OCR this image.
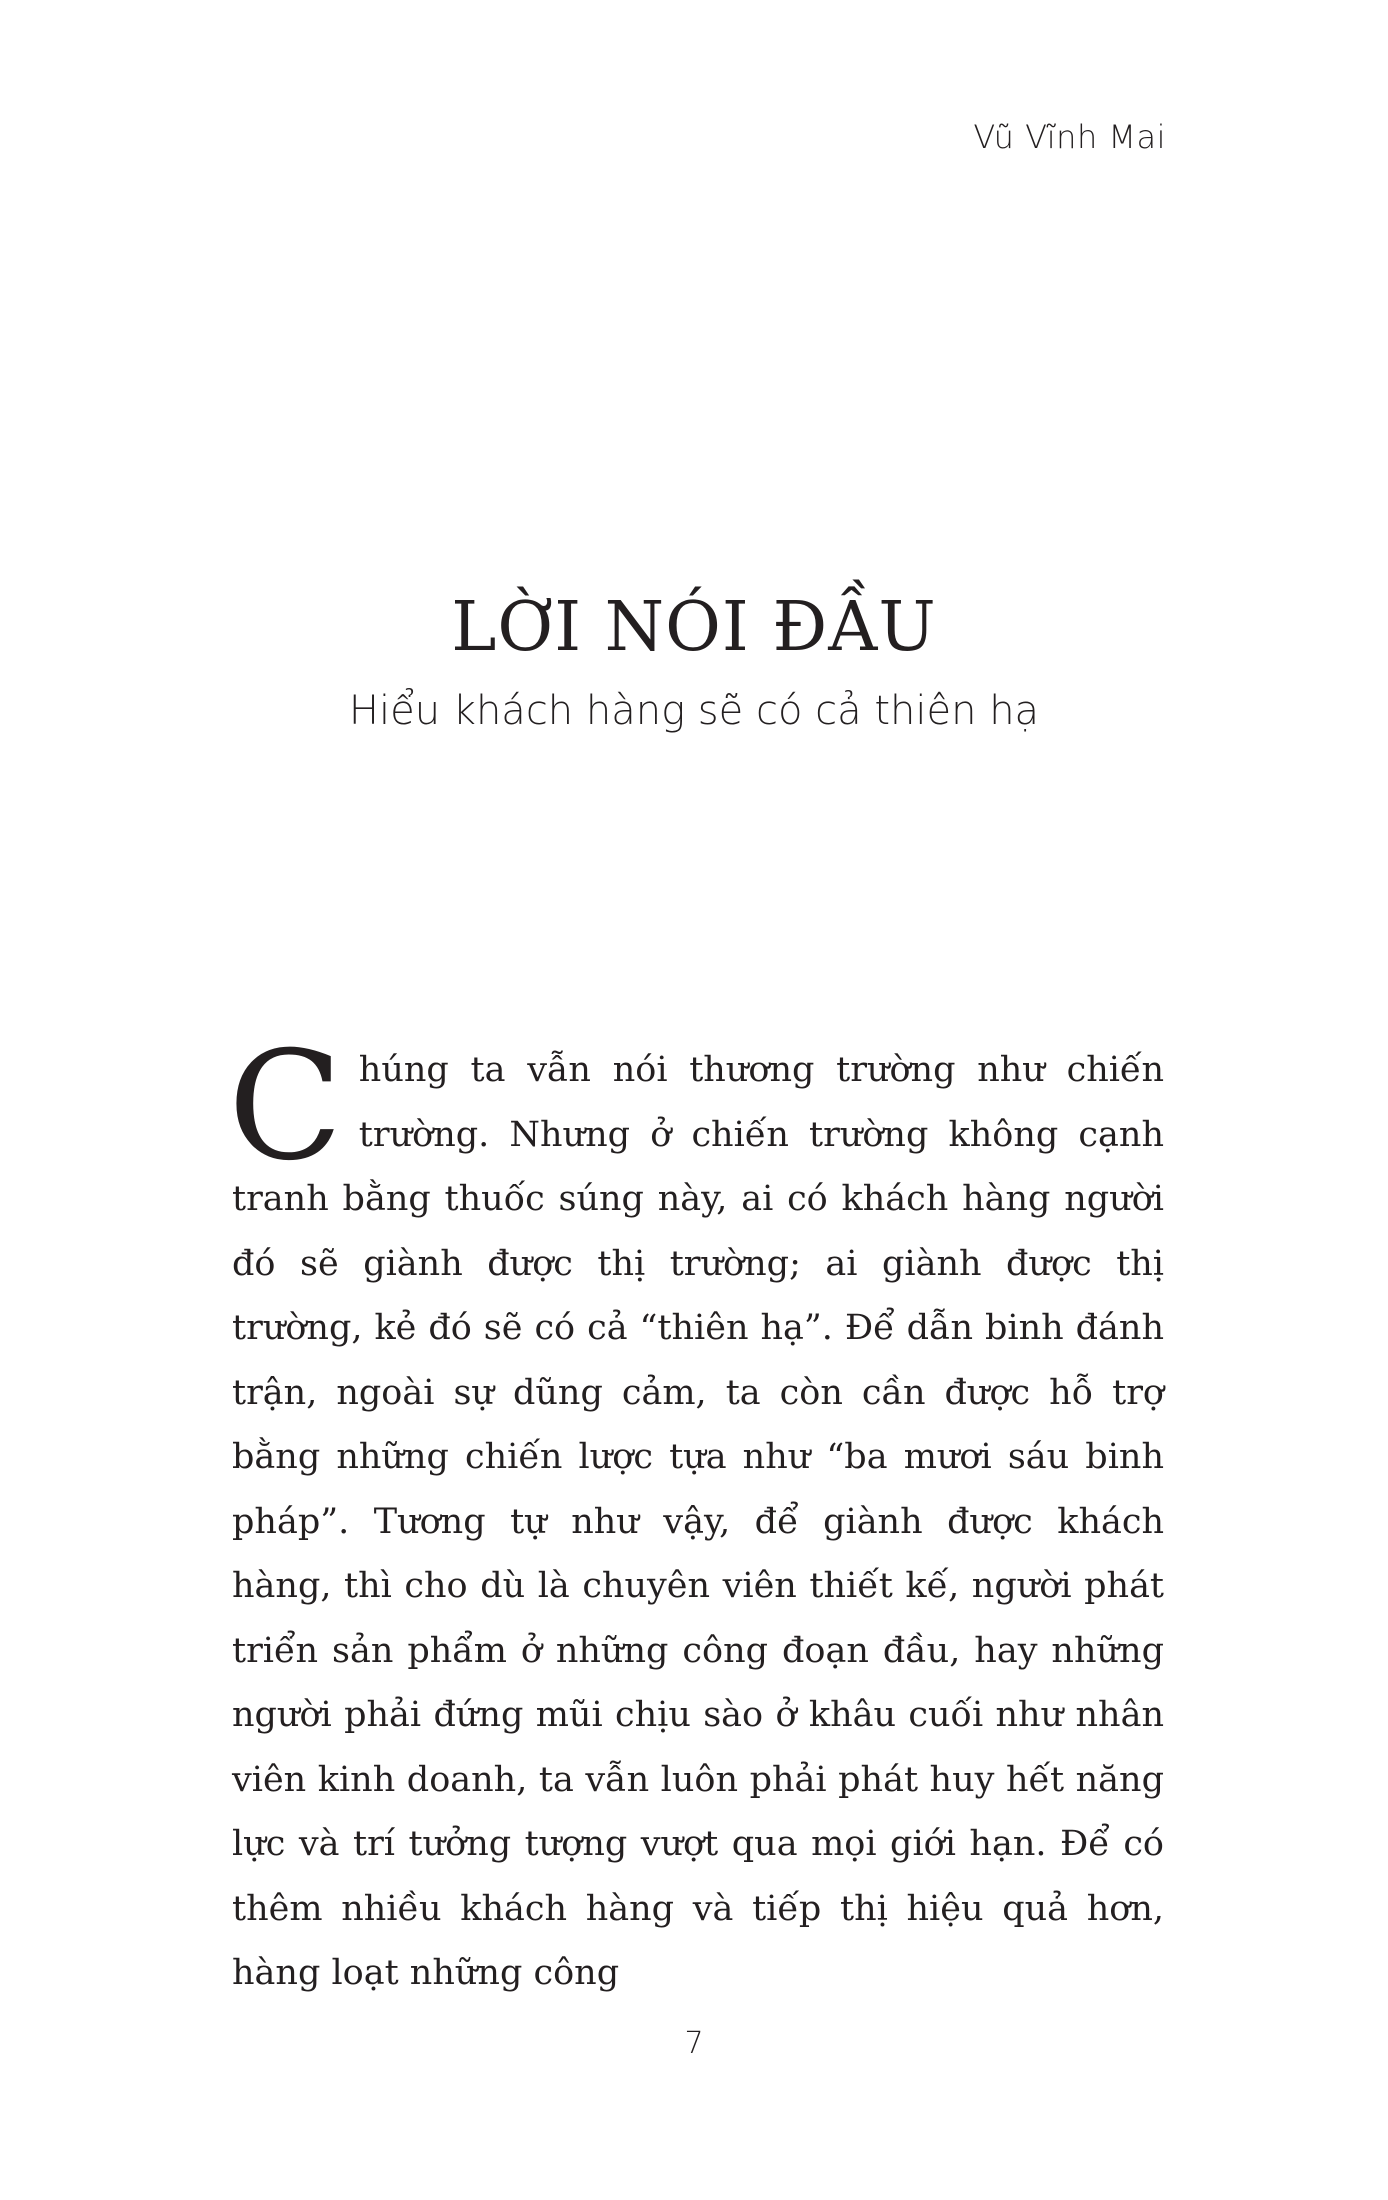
Vũ Vĩnh Mai
LỜI NÓI ĐẦU

Hiểu khách hàng sẽ có cả thiên hạ

Chúng ta vẫn nói thương trường như chiến trường. Nhưng ở chiến trường không cạnh tranh bằng thuốc súng này, ai có khách hàng người đó sẽ giành được thị trường; ai giành được thị trường, kẻ đó sẽ có cả “thiên hạ”. Để dẫn binh đánh trận, ngoài sự dũng cảm, ta còn cần được hỗ trợ bằng những chiến lược tựa như “ba mươi sáu binh pháp”. Tương tự như vậy, để giành được khách hàng, thì cho dù là chuyên viên thiết kế, người phát triển sản phẩm ở những công đoạn đầu, hay những người phải đứng mũi chịu sào ở khâu cuối như nhân viên kinh doanh, ta vẫn luôn phải phát huy hết năng lực và trí tưởng tượng vượt qua mọi giới hạn. Để có thêm nhiều khách hàng và tiếp thị hiệu quả hơn, hàng loạt những công

7
